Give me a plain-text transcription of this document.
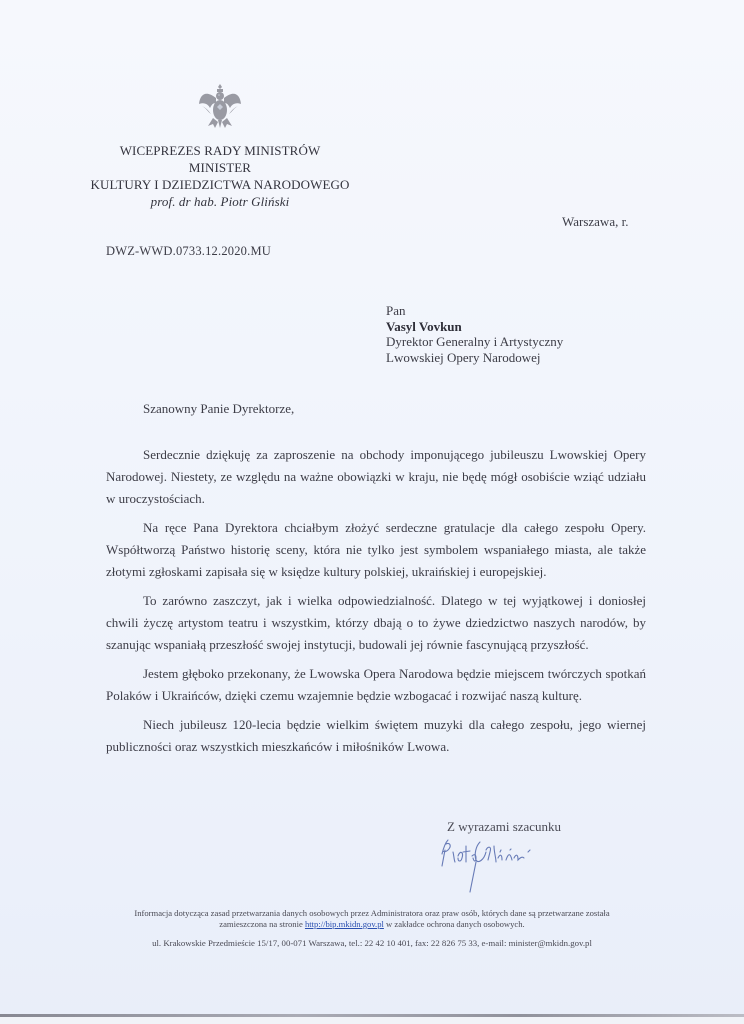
WICEPREZES RADY MINISTRÓW
MINISTER
KULTURY I DZIEDZICTWA NARODOWEGO
prof. dr hab. Piotr Gliński
Warszawa, r.
DWZ-WWD.0733.12.2020.MU
Pan
Vasyl Vovkun
Dyrektor Generalny i Artystyczny
Lwowskiej Opery Narodowej
Szanowny Panie Dyrektorze,

Serdecznie dziękuję za zaproszenie na obchody imponującego jubileuszu Lwowskiej Opery Narodowej. Niestety, ze względu na ważne obowiązki w kraju, nie będę mógł osobiście wziąć udziału w uroczystościach.

Na ręce Pana Dyrektora chciałbym złożyć serdeczne gratulacje dla całego zespołu Opery. Współtworzą Państwo historię sceny, która nie tylko jest symbolem wspaniałego miasta, ale także złotymi zgłoskami zapisała się w księdze kultury polskiej, ukraińskiej i europejskiej.

To zarówno zaszczyt, jak i wielka odpowiedzialność. Dlatego w tej wyjątkowej i doniosłej chwili życzę artystom teatru i wszystkim, którzy dbają o to żywe dziedzictwo naszych narodów, by szanując wspaniałą przeszłość swojej instytucji, budowali jej równie fascynującą przyszłość.

Jestem głęboko przekonany, że Lwowska Opera Narodowa będzie miejscem twórczych spotkań Polaków i Ukraińców, dzięki czemu wzajemnie będzie wzbogacać i rozwijać naszą kulturę.

Niech jubileusz 120-lecia będzie wielkim świętem muzyki dla całego zespołu, jego wiernej publiczności oraz wszystkich mieszkańców i miłośników Lwowa.

Z wyrazami szacunku
Informacja dotycząca zasad przetwarzania danych osobowych przez Administratora oraz praw osób, których dane są przetwarzane została
zamieszczona na stronie http://bip.mkidn.gov.pl w zakładce ochrona danych osobowych.
ul. Krakowskie Przedmieście 15/17, 00-071 Warszawa, tel.: 22 42 10 401, fax: 22 826 75 33, e-mail: minister@mkidn.gov.pl
